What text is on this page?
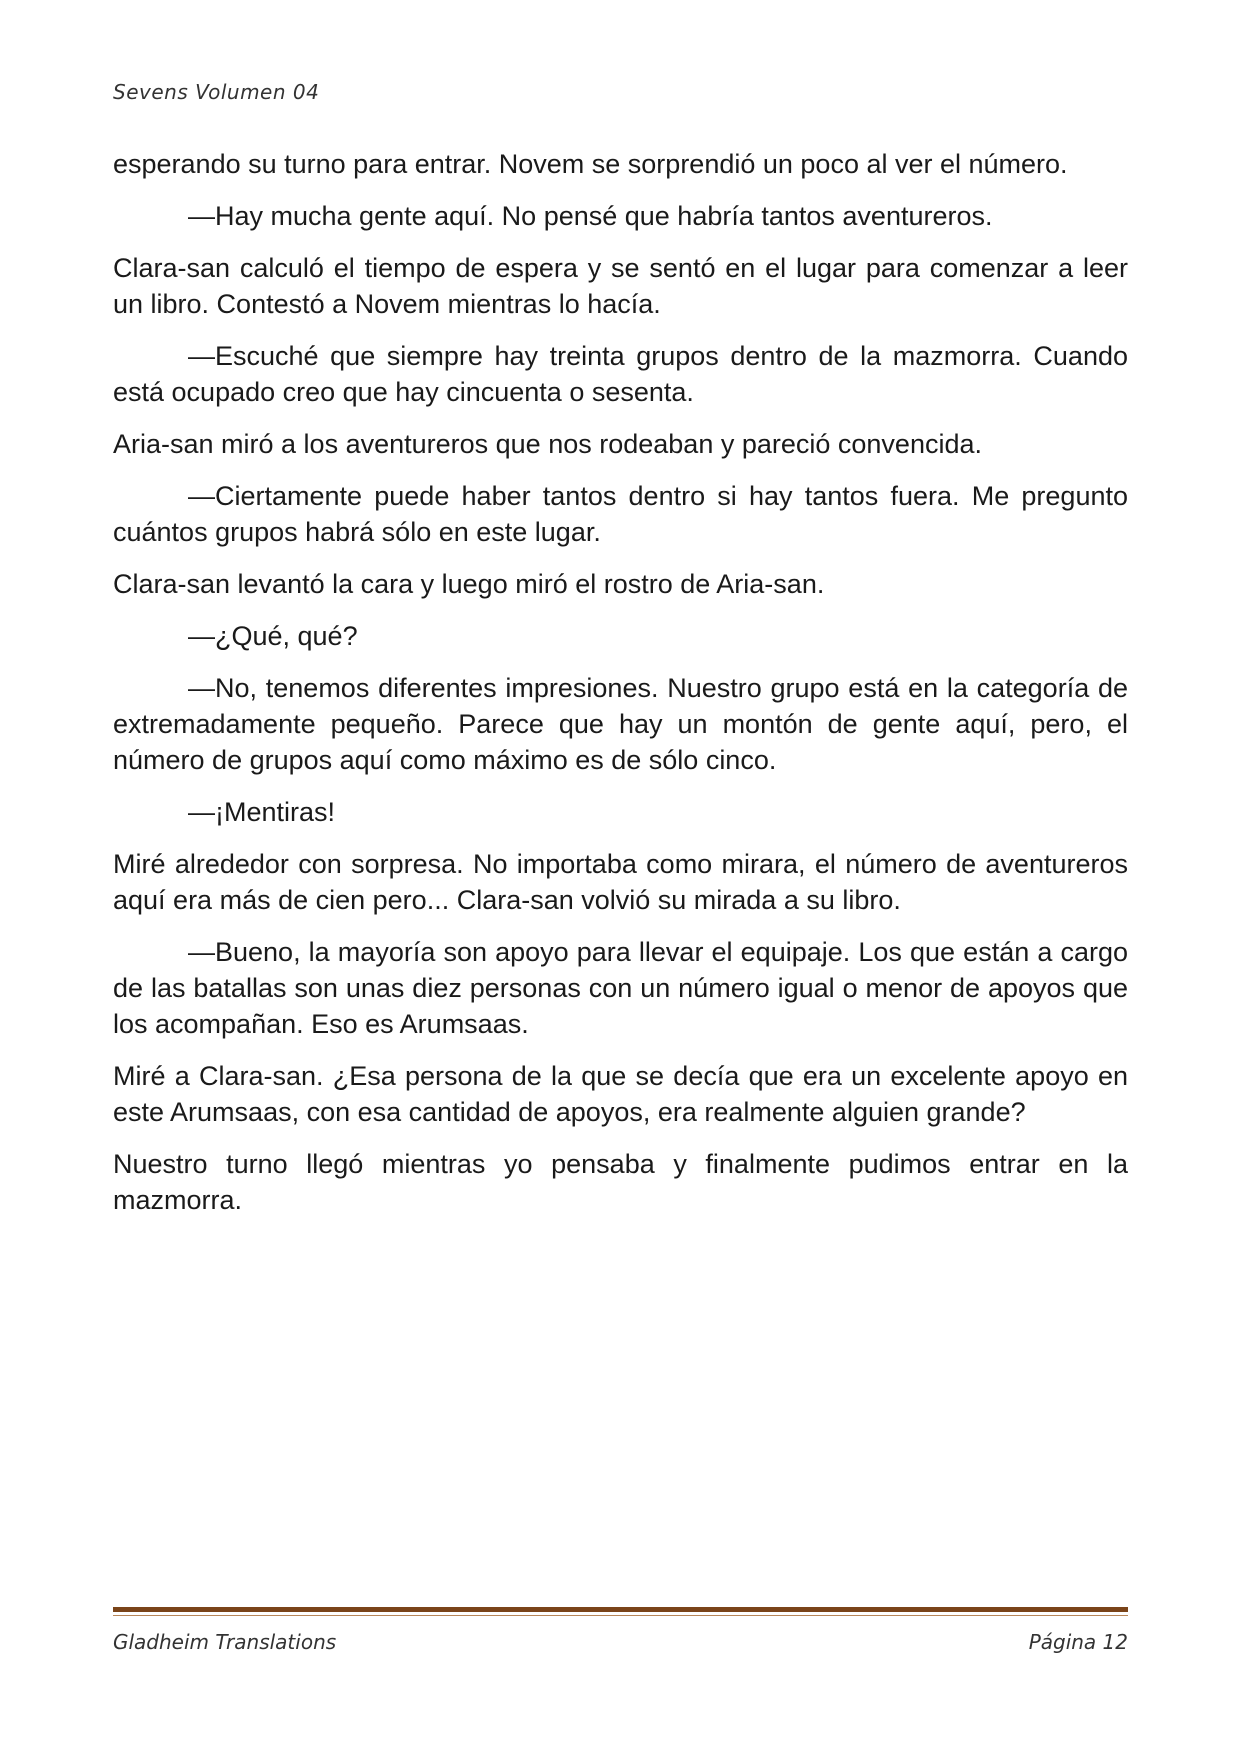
Sevens Volumen 04

esperando su turno para entrar. Novem se sorprendió un poco al ver el número.

—Hay mucha gente aquí. No pensé que habría tantos aventureros.

Clara-san calculó el tiempo de espera y se sentó en el lugar para comenzar a leer un libro. Contestó a Novem mientras lo hacía.

—Escuché que siempre hay treinta grupos dentro de la mazmorra. Cuando está ocupado creo que hay cincuenta o sesenta.

Aria-san miró a los aventureros que nos rodeaban y pareció convencida.

—Ciertamente puede haber tantos dentro si hay tantos fuera. Me pregunto cuántos grupos habrá sólo en este lugar.

Clara-san levantó la cara y luego miró el rostro de Aria-san.

—¿Qué, qué?

—No, tenemos diferentes impresiones. Nuestro grupo está en la categoría de extremadamente pequeño. Parece que hay un montón de gente aquí, pero, el número de grupos aquí como máximo es de sólo cinco.

—¡Mentiras!

Miré alrededor con sorpresa. No importaba como mirara, el número de aventureros aquí era más de cien pero... Clara-san volvió su mirada a su libro.

—Bueno, la mayoría son apoyo para llevar el equipaje. Los que están a cargo de las batallas son unas diez personas con un número igual o menor de apoyos que los acompañan. Eso es Arumsaas.

Miré a Clara-san. ¿Esa persona de la que se decía que era un excelente apoyo en este Arumsaas, con esa cantidad de apoyos, era realmente alguien grande?

Nuestro turno llegó mientras yo pensaba y finalmente pudimos entrar en la mazmorra.

Gladheim Translations	Página 12
